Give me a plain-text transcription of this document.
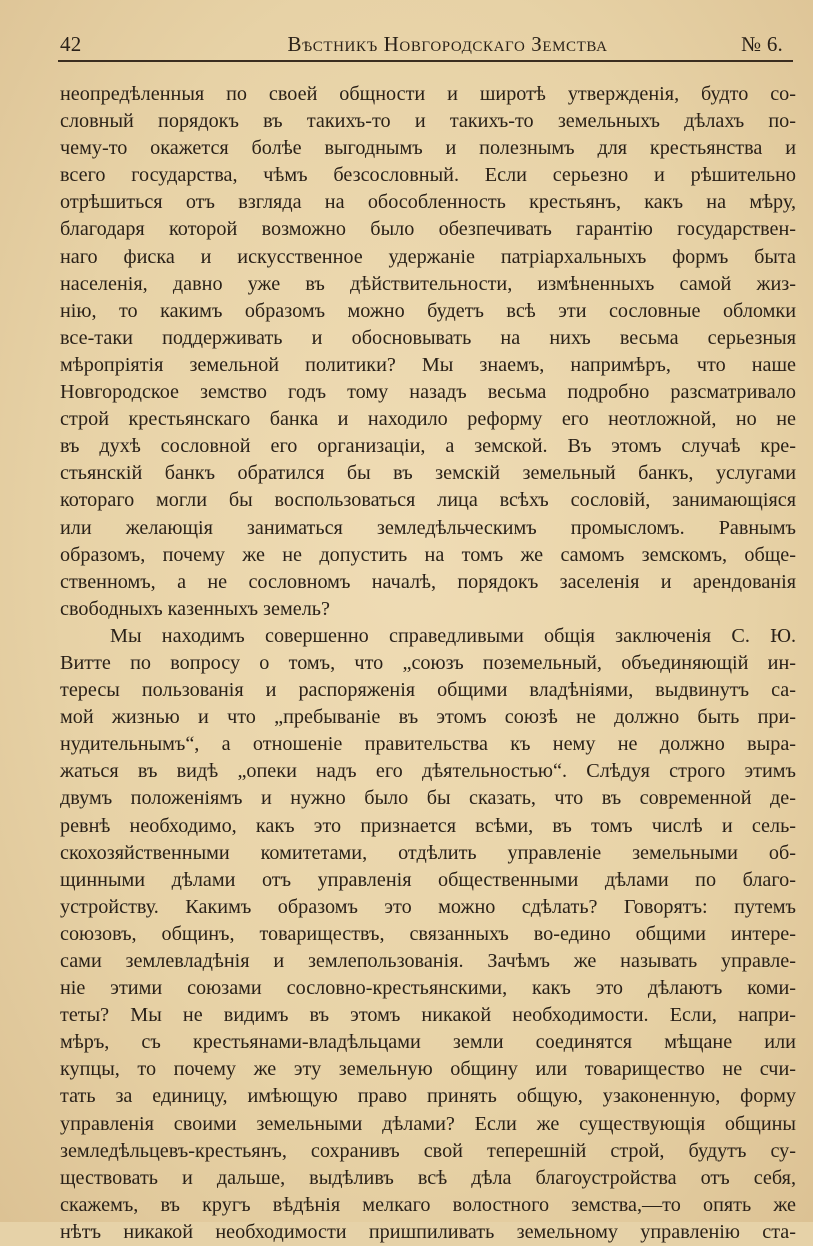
42	Вѣстникъ Новгородскаго Земства	№ 6.
неопредѣленныя по своей общности и широтѣ утвержденія, будто со-
словный порядокъ въ такихъ-то и такихъ-то земельныхъ дѣлахъ по-
чему-то окажется болѣе выгоднымъ и полезнымъ для крестьянства и
всего государства, чѣмъ безсословный. Если серьезно и рѣшительно
отрѣшиться отъ взгляда на обособленность крестьянъ, какъ на мѣру,
благодаря которой возможно было обезпечивать гарантію государствен-
наго фиска и искусственное удержаніе патріархальныхъ формъ быта
населенія, давно уже въ дѣйствительности, измѣненныхъ самой жиз-
нію, то какимъ образомъ можно будетъ всѣ эти сословные обломки
все-таки поддерживать и обосновывать на нихъ весьма серьезныя
мѣропріятія земельной политики? Мы знаемъ, напримѣръ, что наше
Новгородское земство годъ тому назадъ весьма подробно разсматривало
строй крестьянскаго банка и находило реформу его неотложной, но не
въ духѣ сословной его организаціи, а земской. Въ этомъ случаѣ кре-
стьянскій банкъ обратился бы въ земскій земельный банкъ, услугами
котораго могли бы воспользоваться лица всѣхъ сословій, занимающіяся
или желающія заниматься земледѣльческимъ промысломъ. Равнымъ
образомъ, почему же не допустить на томъ же самомъ земскомъ, обще-
ственномъ, а не сословномъ началѣ, порядокъ заселенія и арендованія
свободныхъ казенныхъ земель?
Мы находимъ совершенно справедливыми общія заключенія С. Ю.
Витте по вопросу о томъ, что „союзъ поземельный, объединяющій ин-
тересы пользованія и распоряженія общими владѣніями, выдвинутъ са-
мой жизнью и что „пребываніе въ этомъ союзѣ не должно быть при-
нудительнымъ“, а отношеніе правительства къ нему не должно выра-
жаться въ видѣ „опеки надъ его дѣятельностью“. Слѣдуя строго этимъ
двумъ положеніямъ и нужно было бы сказать, что въ современной де-
ревнѣ необходимо, какъ это признается всѣми, въ томъ числѣ и сель-
скохозяйственными комитетами, отдѣлить управленіе земельными об-
щинными дѣлами отъ управленія общественными дѣлами по благо-
устройству. Какимъ образомъ это можно сдѣлать? Говорятъ: путемъ
союзовъ, общинъ, товариществъ, связанныхъ во-едино общими интере-
сами землевладѣнія и землепользованія. Зачѣмъ же называть управле-
ніе этими союзами сословно-крестьянскими, какъ это дѣлаютъ коми-
теты? Мы не видимъ въ этомъ никакой необходимости. Если, напри-
мѣръ, съ крестьянами-владѣльцами земли соединятся мѣщане или
купцы, то почему же эту земельную общину или товарищество не счи-
тать за единицу, имѣющую право принять общую, узаконенную, форму
управленія своими земельными дѣлами? Если же существующія общины
земледѣльцевъ-крестьянъ, сохранивъ свой теперешній строй, будутъ су-
ществовать и дальше, выдѣливъ всѣ дѣла благоустройства отъ себя,
скажемъ, въ кругъ вѣдѣнія мелкаго волостного земства,—то опять же
нѣтъ никакой необходимости пришпиливать земельному управленію ста-
